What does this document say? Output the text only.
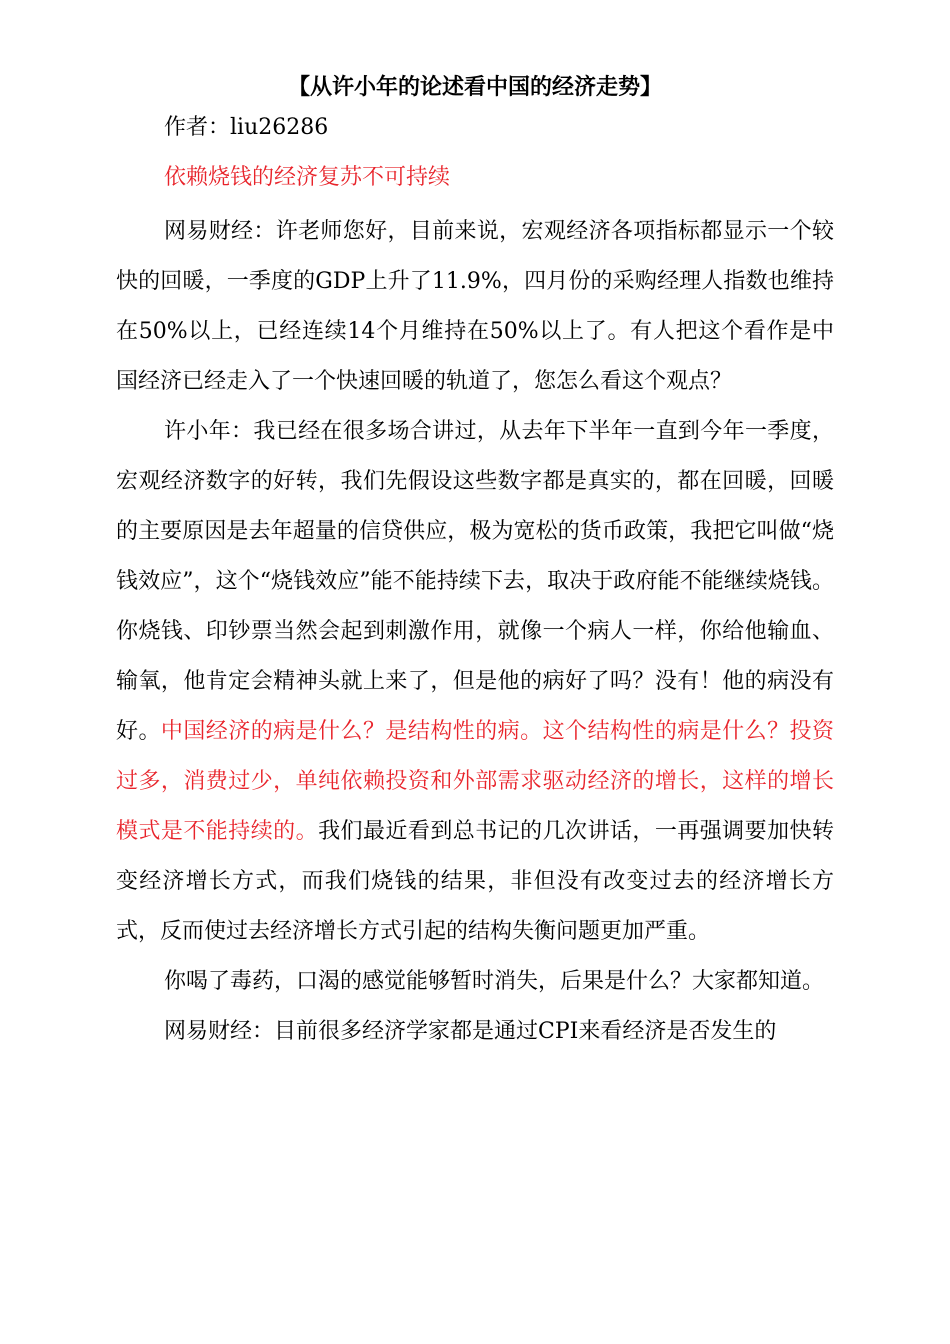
【从许小年的论述看中国的经济走势】
作者：liu26286
依赖烧钱的经济复苏不可持续

网易财经：许老师您好，目前来说，宏观经济各项指标都显示一个较快的回暖，一季度的GDP上升了11.9%，四月份的采购经理人指数也维持在50%以上，已经连续14个月维持在50%以上了。有人把这个看作是中国经济已经走入了一个快速回暖的轨道了，您怎么看这个观点？

许小年：我已经在很多场合讲过，从去年下半年一直到今年一季度，宏观经济数字的好转，我们先假设这些数字都是真实的，都在回暖，回暖的主要原因是去年超量的信贷供应，极为宽松的货币政策，我把它叫做“烧钱效应”，这个“烧钱效应”能不能持续下去，取决于政府能不能继续烧钱。你烧钱、印钞票当然会起到刺激作用，就像一个病人一样，你给他输血、输氧，他肯定会精神头就上来了，但是他的病好了吗？没有！他的病没有好。中国经济的病是什么？是结构性的病。这个结构性的病是什么？投资过多，消费过少，单纯依赖投资和外部需求驱动经济的增长，这样的增长模式是不能持续的。我们最近看到总书记的几次讲话，一再强调要加快转变经济增长方式，而我们烧钱的结果，非但没有改变过去的经济增长方式，反而使过去经济增长方式引起的结构失衡问题更加严重。

你喝了毒药，口渴的感觉能够暂时消失，后果是什么？大家都知道。

网易财经：目前很多经济学家都是通过CPI来看经济是否发生的
